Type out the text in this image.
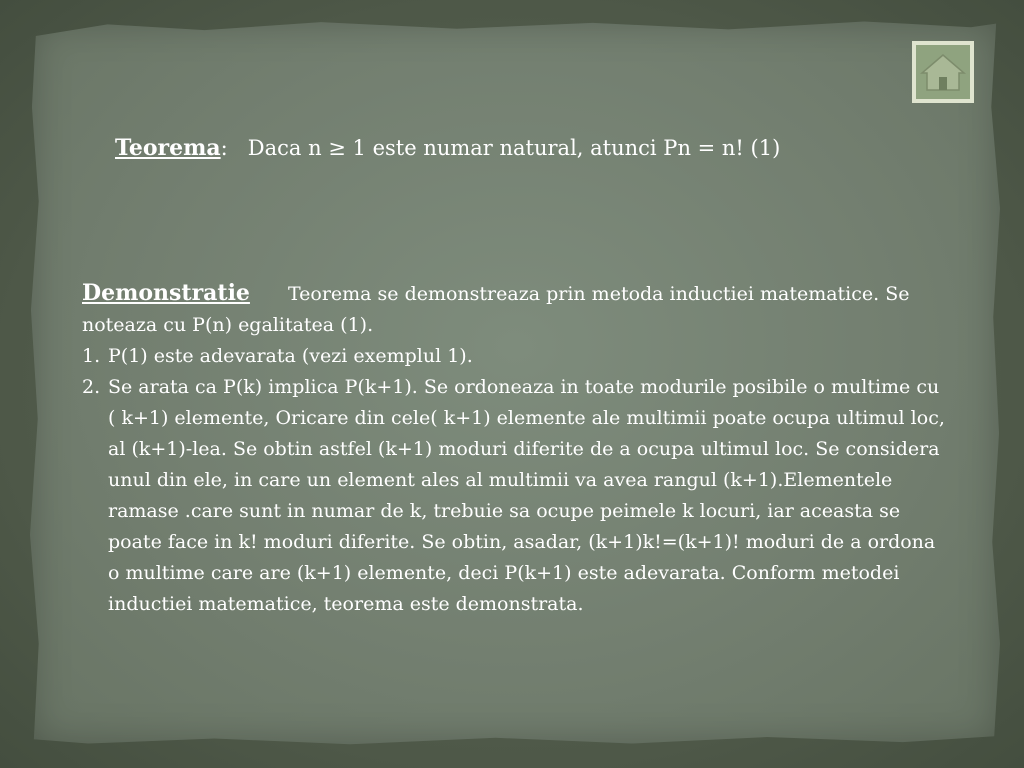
Teorema: Daca n ≥ 1 este numar natural, atunci Pn = n! (1)
Demonstratie Teorema se demonstreaza prin metoda inductiei matematice. Se noteaza cu P(n) egalitatea (1).
1. P(1) este adevarata (vezi exemplul 1).
2. Se arata ca P(k) implica P(k+1). Se ordoneaza in toate modurile posibile o multime cu ( k+1) elemente, Oricare din cele( k+1) elemente ale multimii poate ocupa ultimul loc, al (k+1)-lea. Se obtin astfel (k+1) moduri diferite de a ocupa ultimul loc. Se considera unul din ele, in care un element ales al multimii va avea rangul (k+1).Elementele ramase .care sunt in numar de k, trebuie sa ocupe peimele k locuri, iar aceasta se poate face in k! moduri diferite. Se obtin, asadar, (k+1)k!=(k+1)! moduri de a ordona o multime care are (k+1) elemente, deci P(k+1) este adevarata. Conform metodei inductiei matematice, teorema este demonstrata.
